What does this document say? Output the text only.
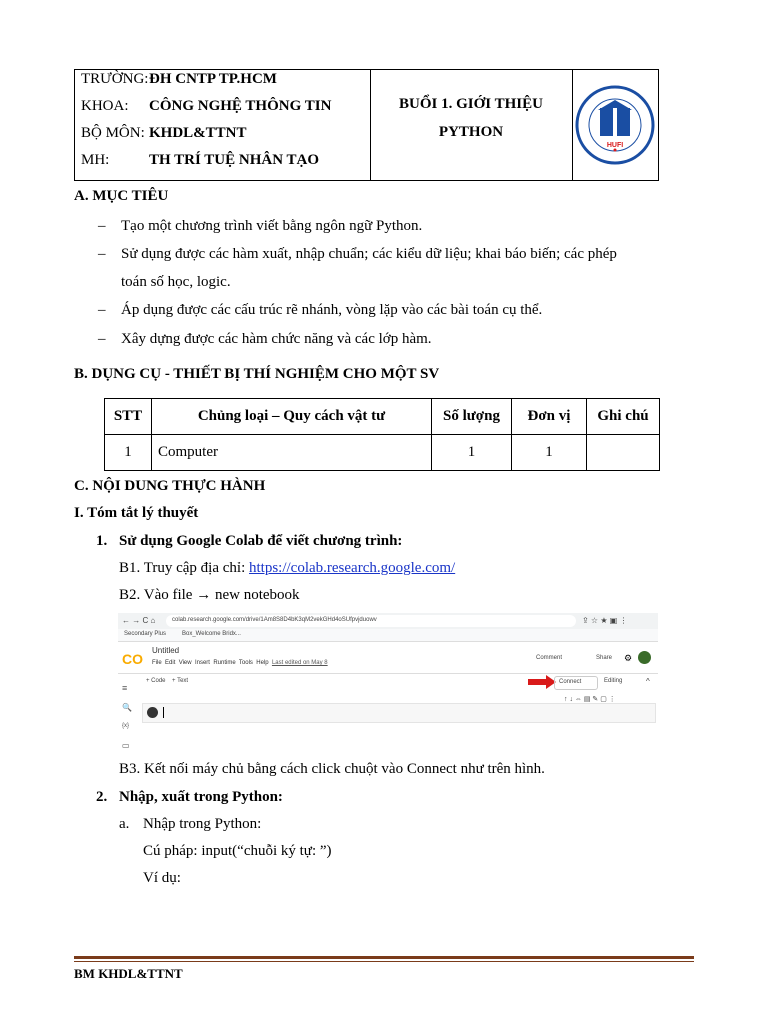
TRƯỜNG:ĐH CNTP TP.HCM
KHOA: CÔNG NGHỆ THÔNG TIN
BỘ MÔN: KHDL&TTNT
MH:	TH TRÍ TUỆ NHÂN TẠO
BUỔI 1. GIỚI THIỆU
PYTHON
HUFI
A. MỤC TIÊU
– Tạo một chương trình viết bằng ngôn ngữ Python.
– Sử dụng được các hàm xuất, nhập chuẩn; các kiểu dữ liệu; khai báo biến; các phép
toán số học, logic.
– Áp dụng được các cấu trúc rẽ nhánh, vòng lặp vào các bài toán cụ thể.
– Xây dựng được các hàm chức năng và các lớp hàm.
B. DỤNG CỤ - THIẾT BỊ THÍ NGHIỆM CHO MỘT SV
STT	Chủng loại – Quy cách vật tư	Số lượng	Đơn vị	Ghi chú
1	Computer	1	1	
C. NỘI DUNG THỰC HÀNH
I. Tóm tắt lý thuyết
1. Sử dụng Google Colab để viết chương trình:
B1. Truy cập địa chỉ: https://colab.research.google.com/
B2. Vào file → new notebook
← → C ⌂	colab.research.google.com/drive/1Am8S8D4bK3qM2vekGHd4oSUfpvjduowv	⇪ ☆ ★ ▣ ⋮
Secondary Plus	Box_Welcome Bridx...
CO
Untitled
File Edit View Insert Runtime Tools Help Last edited on May 8
Comment	Share ⚙
+ Code + Text	Connect	Editing	^
↑ ↓ ⇔ ▤ ✎ ▢ ⋮
≡
🔍
{x}
▭
B3. Kết nối máy chủ bằng cách click chuột vào Connect như trên hình.
2. Nhập, xuất trong Python:
a. Nhập trong Python:
Cú pháp: input(“chuỗi ký tự: ”)
Ví dụ:
BM KHDL&TTNT
